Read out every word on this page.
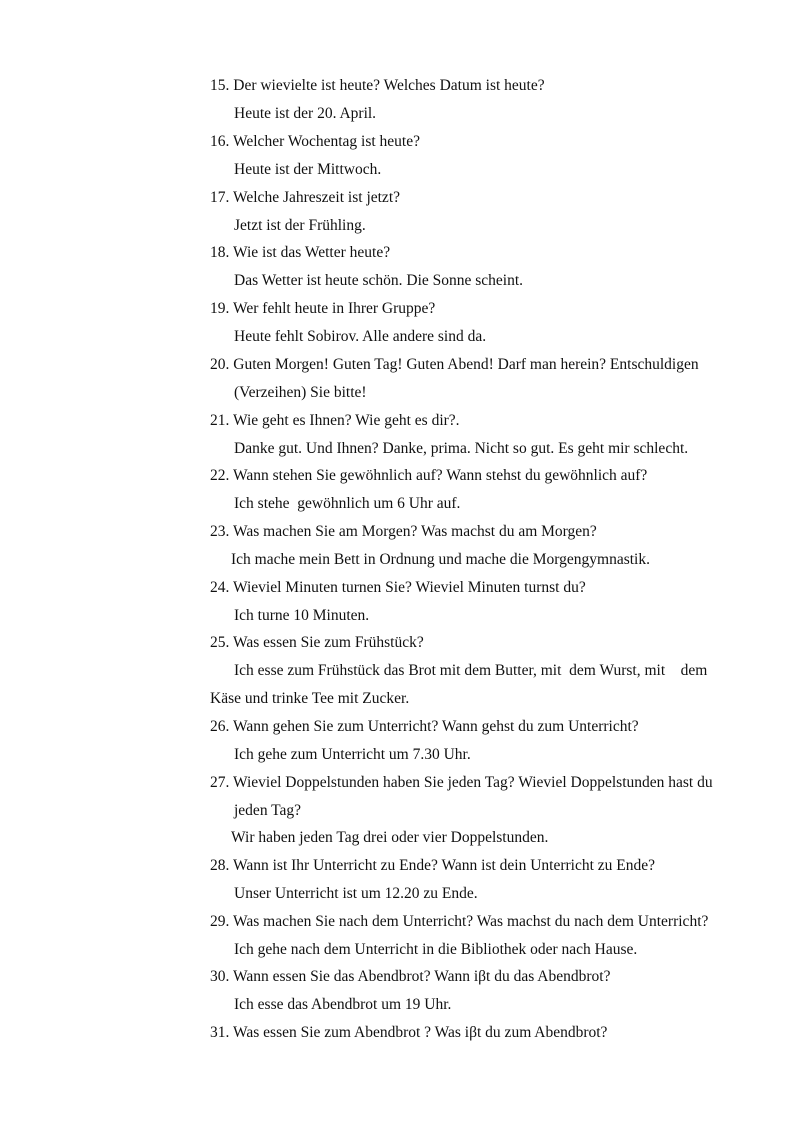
15. Der wievielte ist heute? Welches Datum ist heute?
Heute ist der 20. April.
16. Welcher Wochentag ist heute?
Heute ist der Mittwoch.
17. Welche Jahreszeit ist jetzt?
Jetzt ist der Frühling.
18. Wie ist das Wetter heute?
Das Wetter ist heute schön. Die Sonne scheint.
19. Wer fehlt heute in Ihrer Gruppe?
Heute fehlt Sobirov. Alle andere sind da.
20. Guten Morgen! Guten Tag! Guten Abend! Darf man herein? Entschuldigen
(Verzeihen) Sie bitte!
21. Wie geht es Ihnen? Wie geht es dir?.
Danke gut. Und Ihnen? Danke, prima. Nicht so gut. Es geht mir schlecht.
22. Wann stehen Sie gewöhnlich auf? Wann stehst du gewöhnlich auf?
Ich stehe  gewöhnlich um 6 Uhr auf.
23. Was machen Sie am Morgen? Was machst du am Morgen?
Ich mache mein Bett in Ordnung und mache die Morgengymnastik.
24. Wieviel Minuten turnen Sie? Wieviel Minuten turnst du?
Ich turne 10 Minuten.
25. Was essen Sie zum Frühstück?
Ich esse zum Frühstück das Brot mit dem Butter, mit  dem Wurst, mit    dem
Käse und trinke Tee mit Zucker.
26. Wann gehen Sie zum Unterricht? Wann gehst du zum Unterricht?
Ich gehe zum Unterricht um 7.30 Uhr.
27. Wieviel Doppelstunden haben Sie jeden Tag? Wieviel Doppelstunden hast du
jeden Tag?
Wir haben jeden Tag drei oder vier Doppelstunden.
28. Wann ist Ihr Unterricht zu Ende? Wann ist dein Unterricht zu Ende?
Unser Unterricht ist um 12.20 zu Ende.
29. Was machen Sie nach dem Unterricht? Was machst du nach dem Unterricht?
Ich gehe nach dem Unterricht in die Bibliothek oder nach Hause.
30. Wann essen Sie das Abendbrot? Wann iβt du das Abendbrot?
Ich esse das Abendbrot um 19 Uhr.
31. Was essen Sie zum Abendbrot ? Was iβt du zum Abendbrot?
